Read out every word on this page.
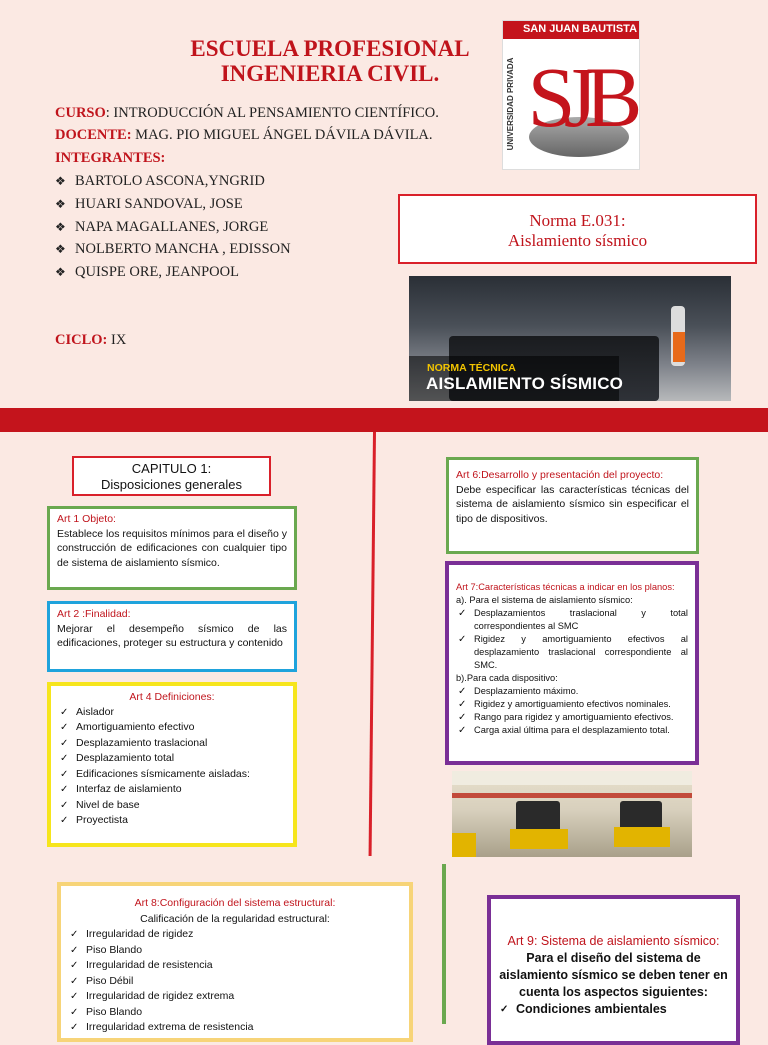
ESCUELA PROFESIONAL
INGENIERIA CIVIL.
CURSO: INTRODUCCIÓN AL PENSAMIENTO CIENTÍFICO.
DOCENTE: MAG. PIO MIGUEL ÁNGEL DÁVILA DÁVILA.
INTEGRANTES:
❖ BARTOLO ASCONA,YNGRID
❖ HUARI SANDOVAL, JOSE
❖ NAPA MAGALLANES, JORGE
❖ NOLBERTO MANCHA , EDISSON
❖ QUISPE ORE, JEANPOOL
CICLO: IX
SAN JUAN BAUTISTA
UNIVERSIDAD PRIVADA SJB
Norma E.031:
Aislamiento sísmico
NORMA TÉCNICA
AISLAMIENTO SÍSMICO
CAPITULO 1:
Disposiciones generales
Art 1 Objeto:
Establece los requisitos mínimos para el diseño y construcción de edificaciones con cualquier tipo de sistema de aislamiento sísmico.
Art 2 :Finalidad:
Mejorar el desempeño sísmico de las edificaciones, proteger su estructura y contenido
Art 4 Definiciones:
✓ Aislador
✓ Amortiguamiento efectivo
✓ Desplazamiento traslacional
✓ Desplazamiento total
✓ Edificaciones sísmicamente aisladas:
✓ Interfaz de aislamiento
✓ Nivel de base
✓ Proyectista
Art 6:Desarrollo y presentación del proyecto:
Debe especificar las características técnicas del sistema de aislamiento sísmico sin especificar el tipo de dispositivos.
Art 7:Características técnicas a indicar en los planos:
a). Para el sistema de aislamiento sísmico:
✓ Desplazamientos traslacional y total correspondientes al SMC
✓ Rigidez y amortiguamiento efectivos al desplazamiento traslacional correspondiente al SMC.
b).Para cada dispositivo:
✓ Desplazamiento máximo.
✓ Rigidez y amortiguamiento efectivos nominales.
✓ Rango para rigidez y amortiguamiento efectivos.
✓ Carga axial última para el desplazamiento total.
Art 8:Configuración del sistema estructural:
Calificación de la regularidad estructural:
✓ Irregularidad de rigidez
✓ Piso Blando
✓ Irregularidad de resistencia
✓ Piso Débil
✓ Irregularidad de rigidez extrema
✓ Piso Blando
✓ Irregularidad extrema de resistencia
Art 9: Sistema de aislamiento sísmico:
Para el diseño del sistema de aislamiento sísmico se deben tener en cuenta los aspectos siguientes:
✓ Condiciones ambientales
